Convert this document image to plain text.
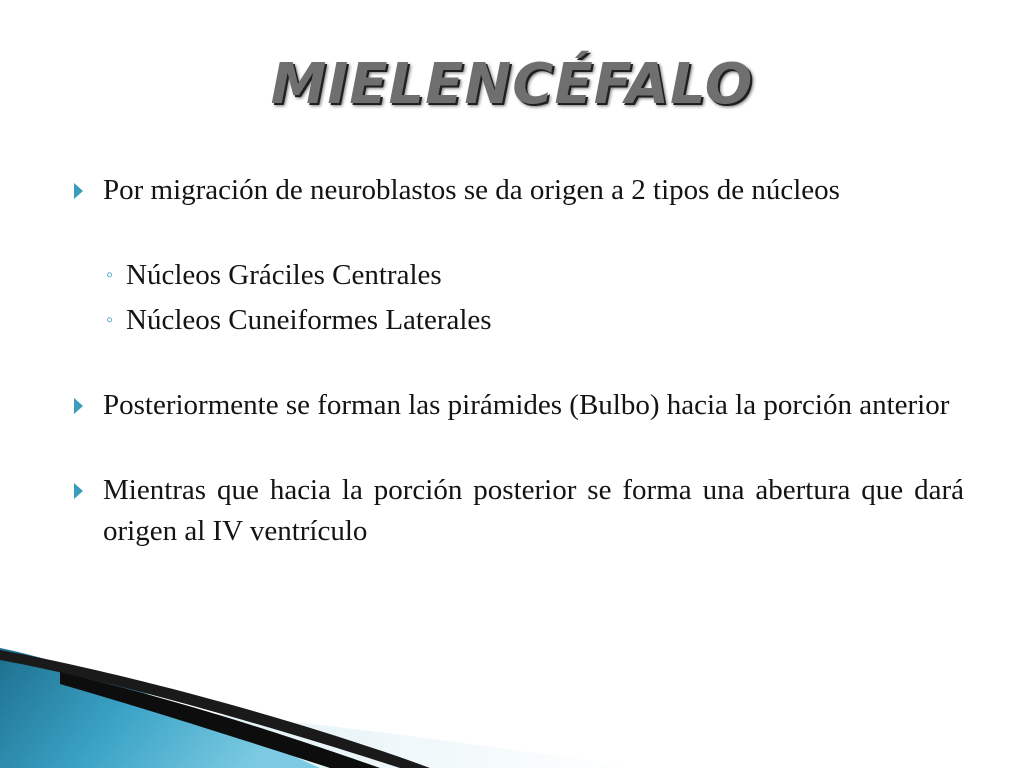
MIELENCÉFALO

Por migración de neuroblastos se da origen a 2 tipos de núcleos

◦ Núcleos Gráciles Centrales

◦ Núcleos Cuneiformes Laterales

Posteriormente se forman las pirámides (Bulbo) hacia la porción anterior

Mientras que hacia la porción posterior se forma una abertura que dará origen al IV ventrículo
